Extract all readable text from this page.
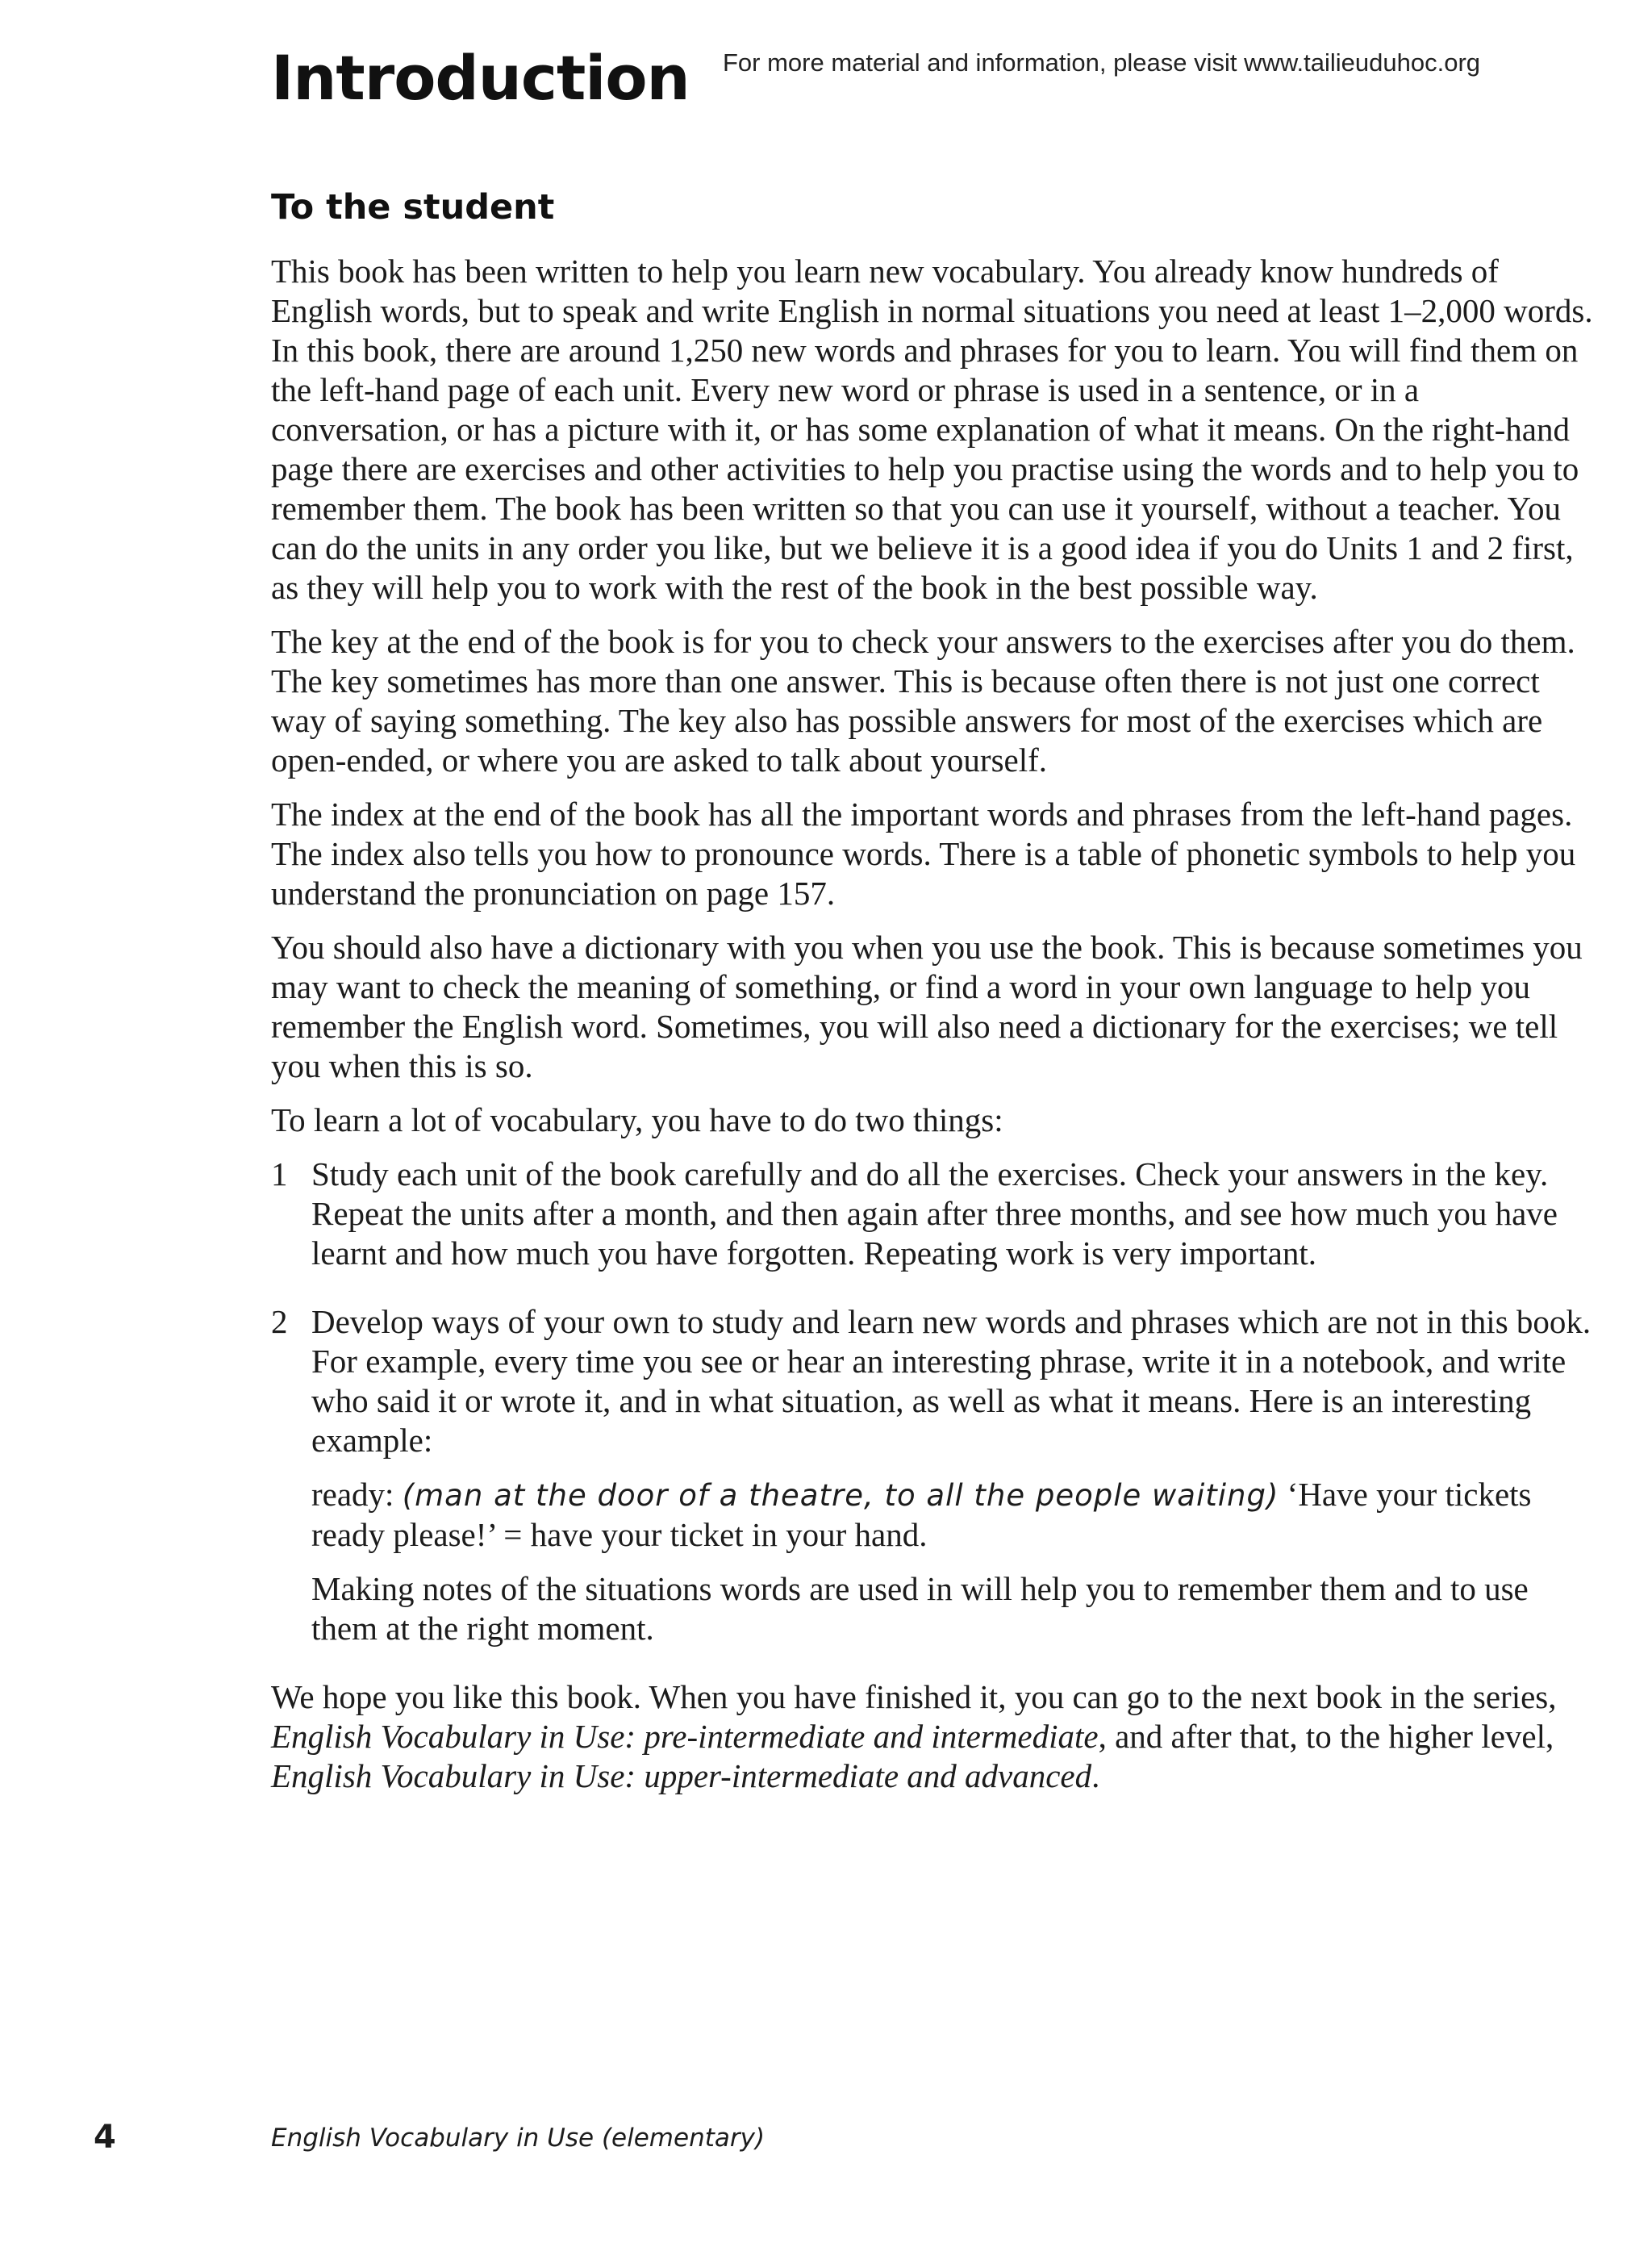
Introduction For more material and information, please visit www.tailieuduhoc.org
To the student

This book has been written to help you learn new vocabulary. You already know hundreds of English words, but to speak and write English in normal situations you need at least 1–2,000 words. In this book, there are around 1,250 new words and phrases for you to learn. You will find them on the left-hand page of each unit. Every new word or phrase is used in a sentence, or in a conversation, or has a picture with it, or has some explanation of what it means. On the right-hand page there are exercises and other activities to help you practise using the words and to help you to remember them. The book has been written so that you can use it yourself, without a teacher. You can do the units in any order you like, but we believe it is a good idea if you do Units 1 and 2 first, as they will help you to work with the rest of the book in the best possible way.

The key at the end of the book is for you to check your answers to the exercises after you do them. The key sometimes has more than one answer. This is because often there is not just one correct way of saying something. The key also has possible answers for most of the exercises which are open-ended, or where you are asked to talk about yourself.

The index at the end of the book has all the important words and phrases from the left-hand pages. The index also tells you how to pronounce words. There is a table of phonetic symbols to help you understand the pronunciation on page 157.

You should also have a dictionary with you when you use the book. This is because sometimes you may want to check the meaning of something, or find a word in your own language to help you remember the English word. Sometimes, you will also need a dictionary for the exercises; we tell you when this is so.

To learn a lot of vocabulary, you have to do two things:

1 Study each unit of the book carefully and do all the exercises. Check your answers in the key. Repeat the units after a month, and then again after three months, and see how much you have learnt and how much you have forgotten. Repeating work is very important.

2 Develop ways of your own to study and learn new words and phrases which are not in this book. For example, every time you see or hear an interesting phrase, write it in a notebook, and write who said it or wrote it, and in what situation, as well as what it means. Here is an interesting example:

ready: (man at the door of a theatre, to all the people waiting) ‘Have your tickets ready please!’ = have your ticket in your hand.

Making notes of the situations words are used in will help you to remember them and to use them at the right moment.

We hope you like this book. When you have finished it, you can go to the next book in the series, English Vocabulary in Use: pre-intermediate and intermediate, and after that, to the higher level, English Vocabulary in Use: upper-intermediate and advanced.

4	English Vocabulary in Use (elementary)
